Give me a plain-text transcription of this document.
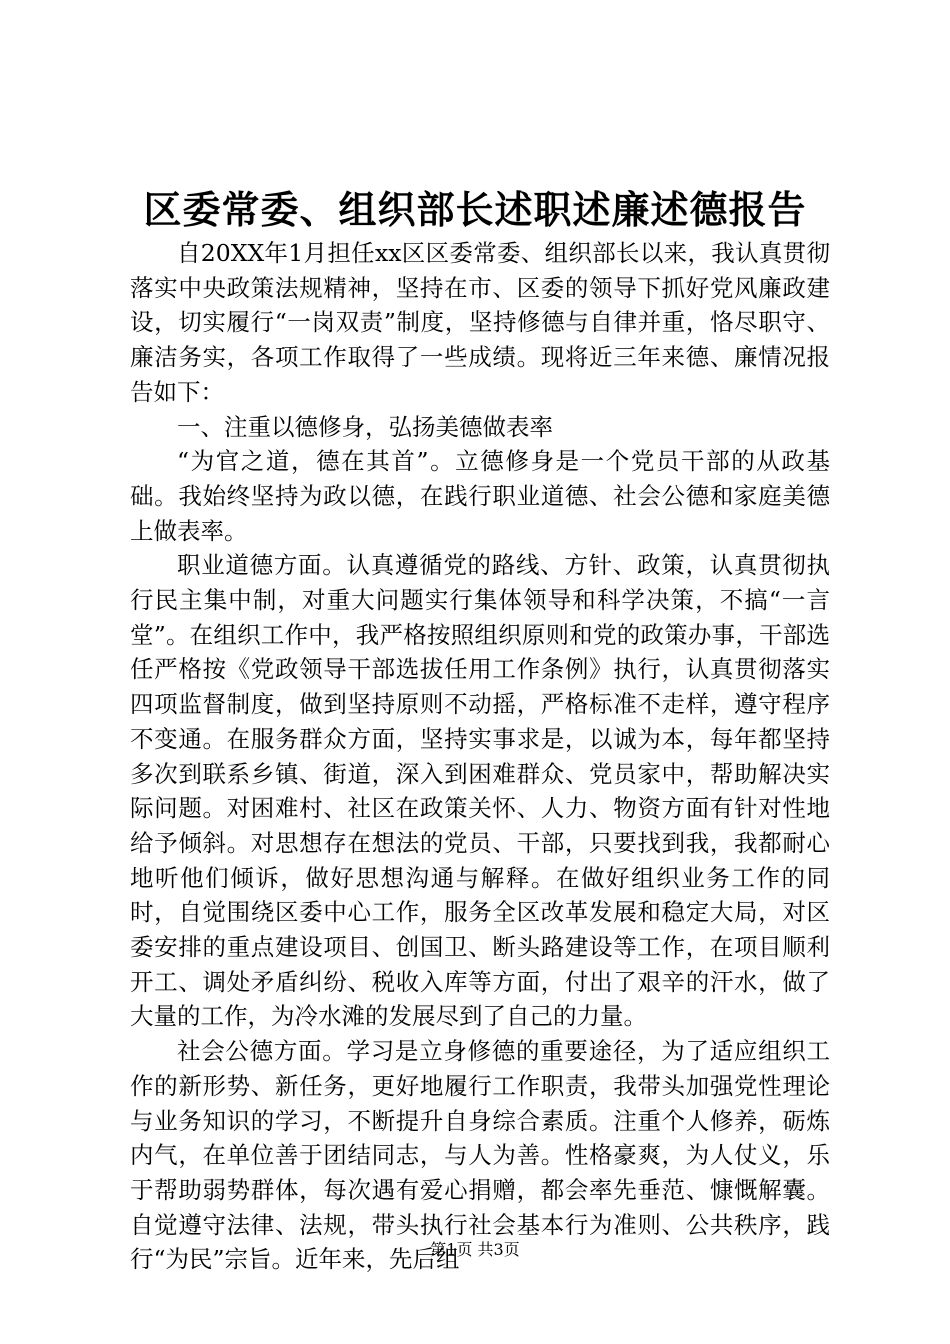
区委常委、组织部长述职述廉述德报告

自20XX年1月担任xx区区委常委、组织部长以来，我认真贯彻落实中央政策法规精神，坚持在市、区委的领导下抓好党风廉政建设，切实履行“一岗双责”制度，坚持修德与自律并重，恪尽职守、廉洁务实，各项工作取得了一些成绩。现将近三年来德、廉情况报告如下：

一、注重以德修身，弘扬美德做表率

“为官之道，德在其首”。立德修身是一个党员干部的从政基础。我始终坚持为政以德，在践行职业道德、社会公德和家庭美德上做表率。

职业道德方面。认真遵循党的路线、方针、政策，认真贯彻执行民主集中制，对重大问题实行集体领导和科学决策，不搞“一言堂”。在组织工作中，我严格按照组织原则和党的政策办事，干部选任严格按《党政领导干部选拔任用工作条例》执行，认真贯彻落实四项监督制度，做到坚持原则不动摇，严格标准不走样，遵守程序不变通。在服务群众方面，坚持实事求是，以诚为本，每年都坚持多次到联系乡镇、街道，深入到困难群众、党员家中，帮助解决实际问题。对困难村、社区在政策关怀、人力、物资方面有针对性地给予倾斜。对思想存在想法的党员、干部，只要找到我，我都耐心地听他们倾诉，做好思想沟通与解释。在做好组织业务工作的同时，自觉围绕区委中心工作，服务全区改革发展和稳定大局，对区委安排的重点建设项目、创国卫、断头路建设等工作，在项目顺利开工、调处矛盾纠纷、税收入库等方面，付出了艰辛的汗水，做了大量的工作，为冷水滩的发展尽到了自己的力量。

社会公德方面。学习是立身修德的重要途径，为了适应组织工作的新形势、新任务，更好地履行工作职责，我带头加强党性理论与业务知识的学习，不断提升自身综合素质。注重个人修养，砺炼内气，在单位善于团结同志，与人为善。性格豪爽，为人仗义，乐于帮助弱势群体，每次遇有爱心捐赠，都会率先垂范、慷慨解囊。自觉遵守法律、法规，带头执行社会基本行为准则、公共秩序，践行“为民”宗旨。近年来，先后组

第1页 共3页
